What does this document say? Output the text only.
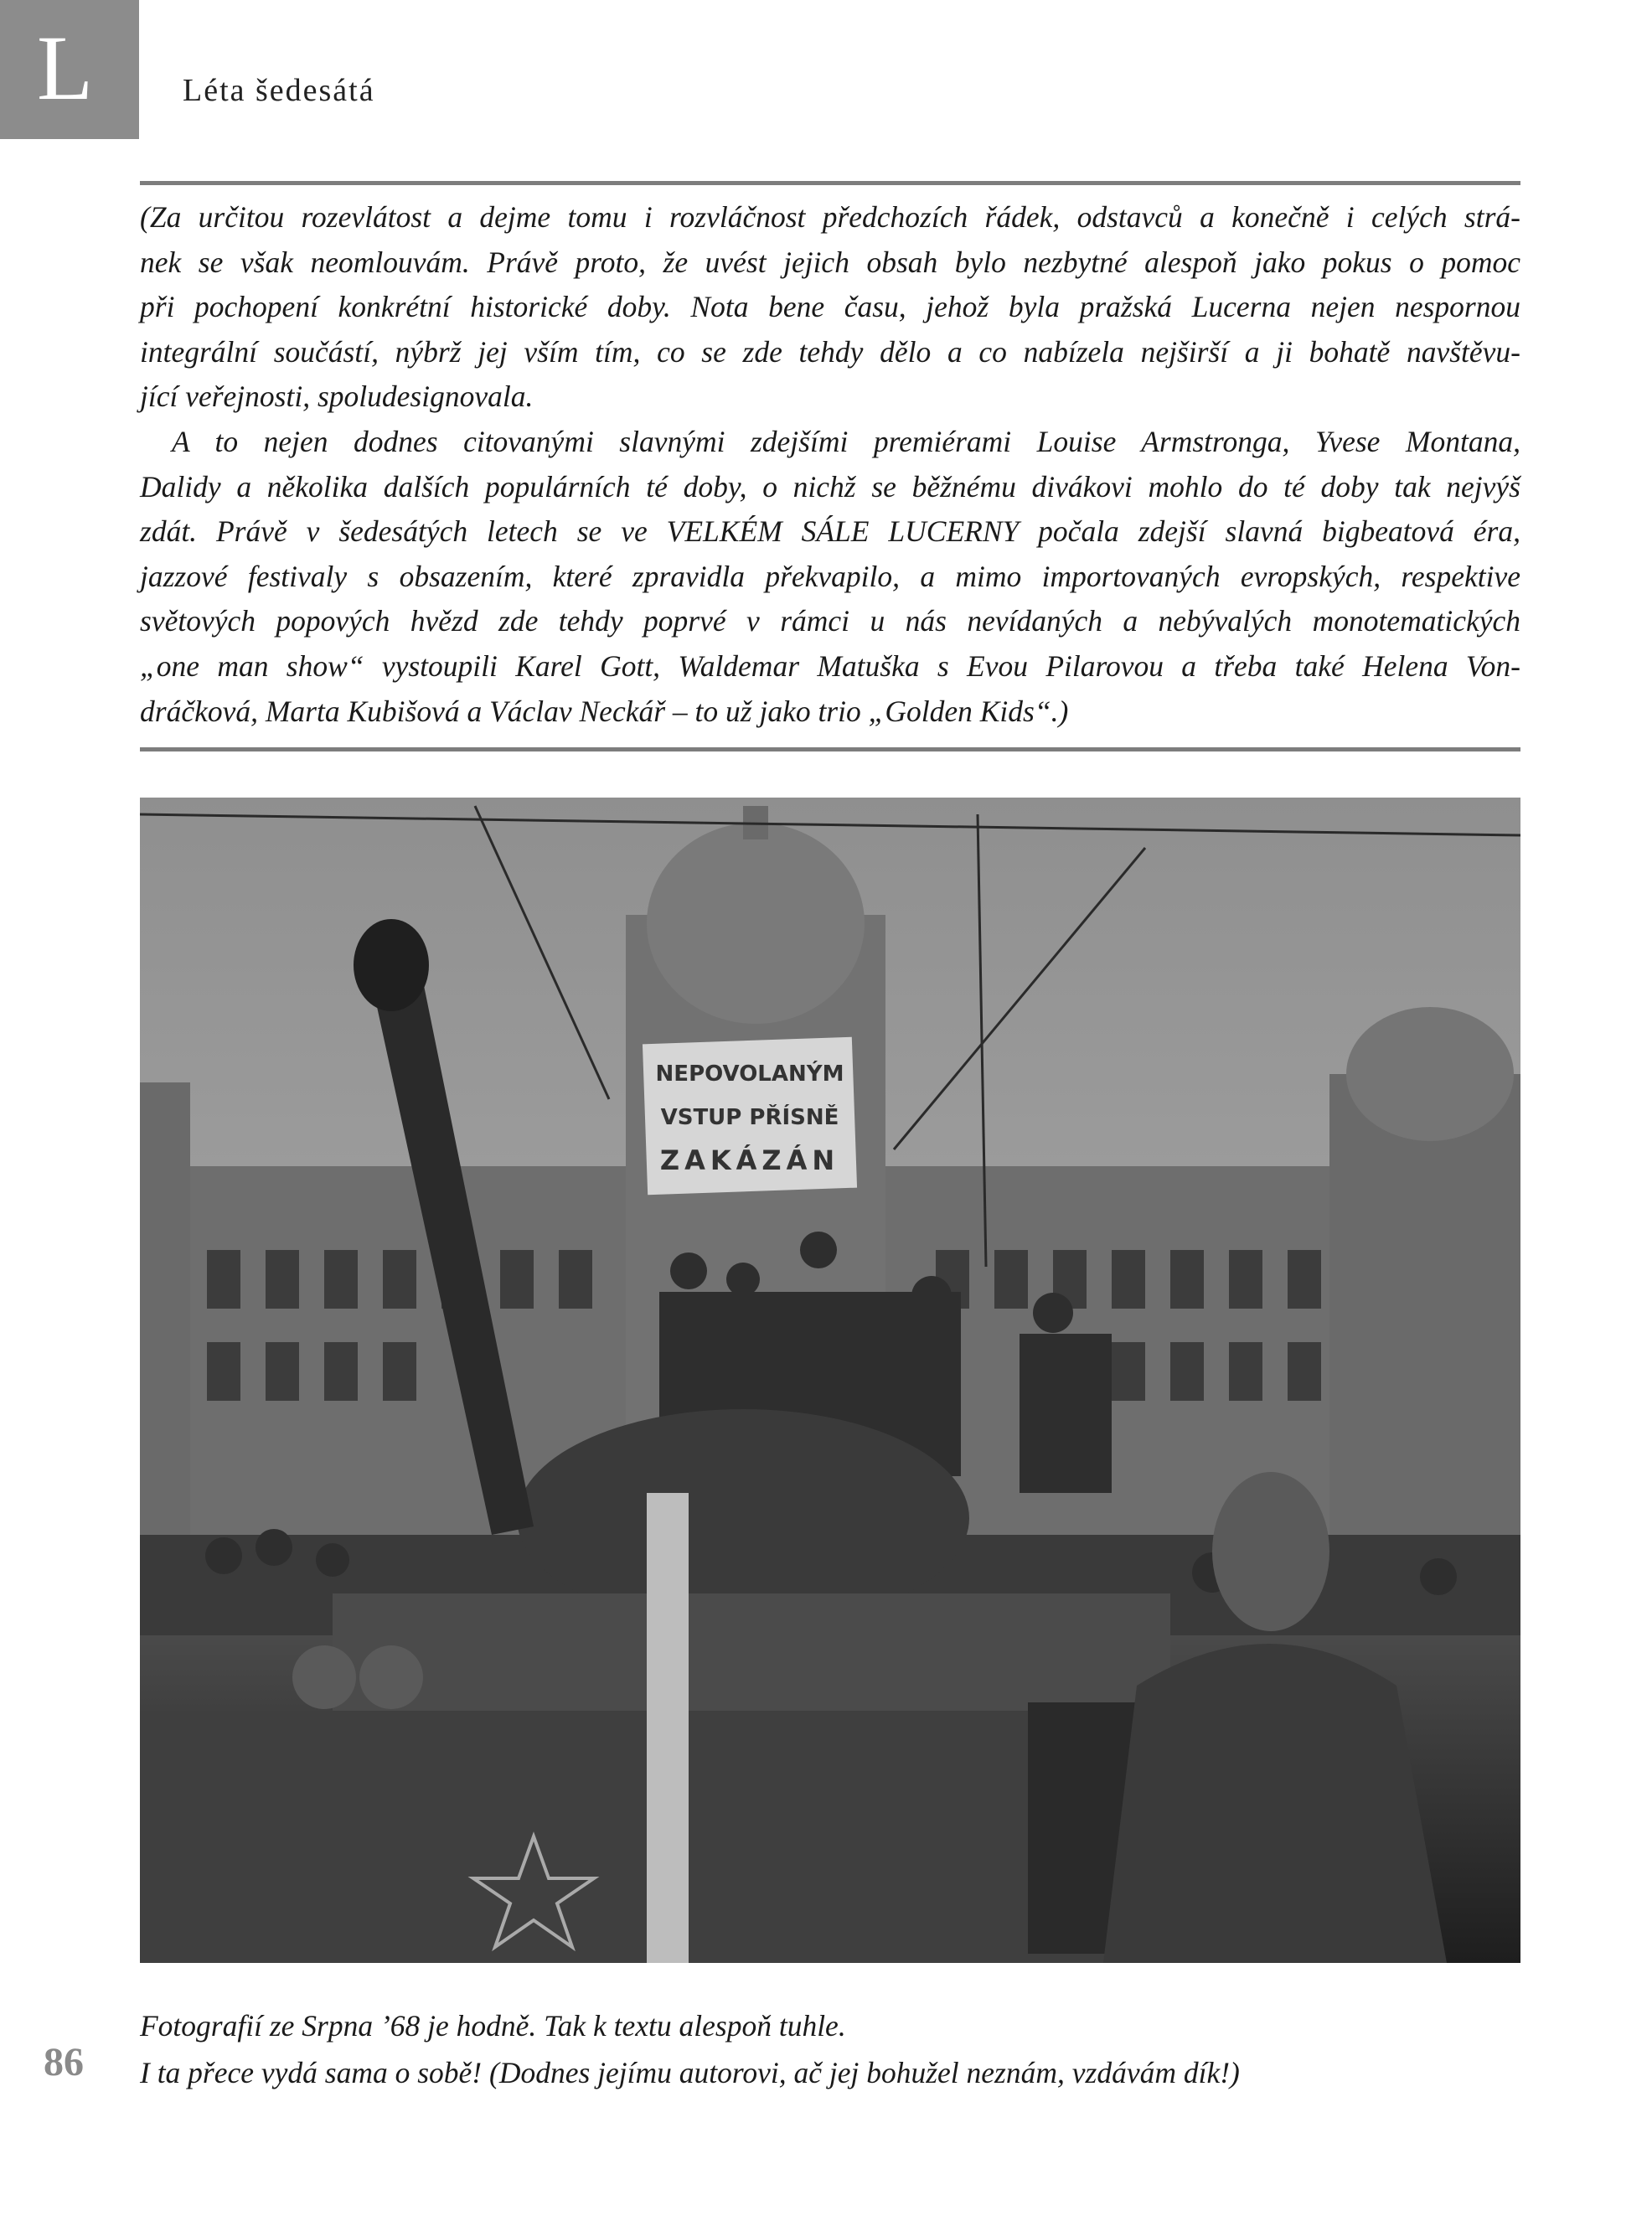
L	Léta šedesátá
(Za určitou rozevlátost a dejme tomu i rozvláčnost předchozích řádek, odstavců a konečně i celých strá-
nek se však neomlouvám. Právě proto, že uvést jejich obsah bylo nezbytné alespoň jako pokus o pomoc
při pochopení konkrétní historické doby. Nota bene času, jehož byla pražská Lucerna nejen nespornou
integrální součástí, nýbrž jej vším tím, co se zde tehdy dělo a co nabízela nejširší a ji bohatě navštěvu-
jící veřejnosti, spoludesignovala.
A to nejen dodnes citovanými slavnými zdejšími premiérami Louise Armstronga, Yvese Montana,
Dalidy a několika dalších populárních té doby, o nichž se běžnému divákovi mohlo do té doby tak nejvýš
zdát. Právě v šedesátých letech se ve VELKÉM SÁLE LUCERNY počala zdejší slavná bigbeatová éra,
jazzové festivaly s obsazením, které zpravidla překvapilo, a mimo importovaných evropských, respektive
světových popových hvězd zde tehdy poprvé v rámci u nás nevídaných a nebývalých monotematických
„one man show“ vystoupili Karel Gott, Waldemar Matuška s Evou Pilarovou a třeba také Helena Von-
dráčková, Marta Kubišová a Václav Neckář – to už jako trio „Golden Kids“.)
NEPOVOLANÝM
VSTUP PŘÍSNĚ
ZAKÁZÁN
Fotografií ze Srpna ’68 je hodně. Tak k textu alespoň tuhle.
I ta přece vydá sama o sobě! (Dodnes jejímu autorovi, ač jej bohužel neznám, vzdávám dík!)
86
